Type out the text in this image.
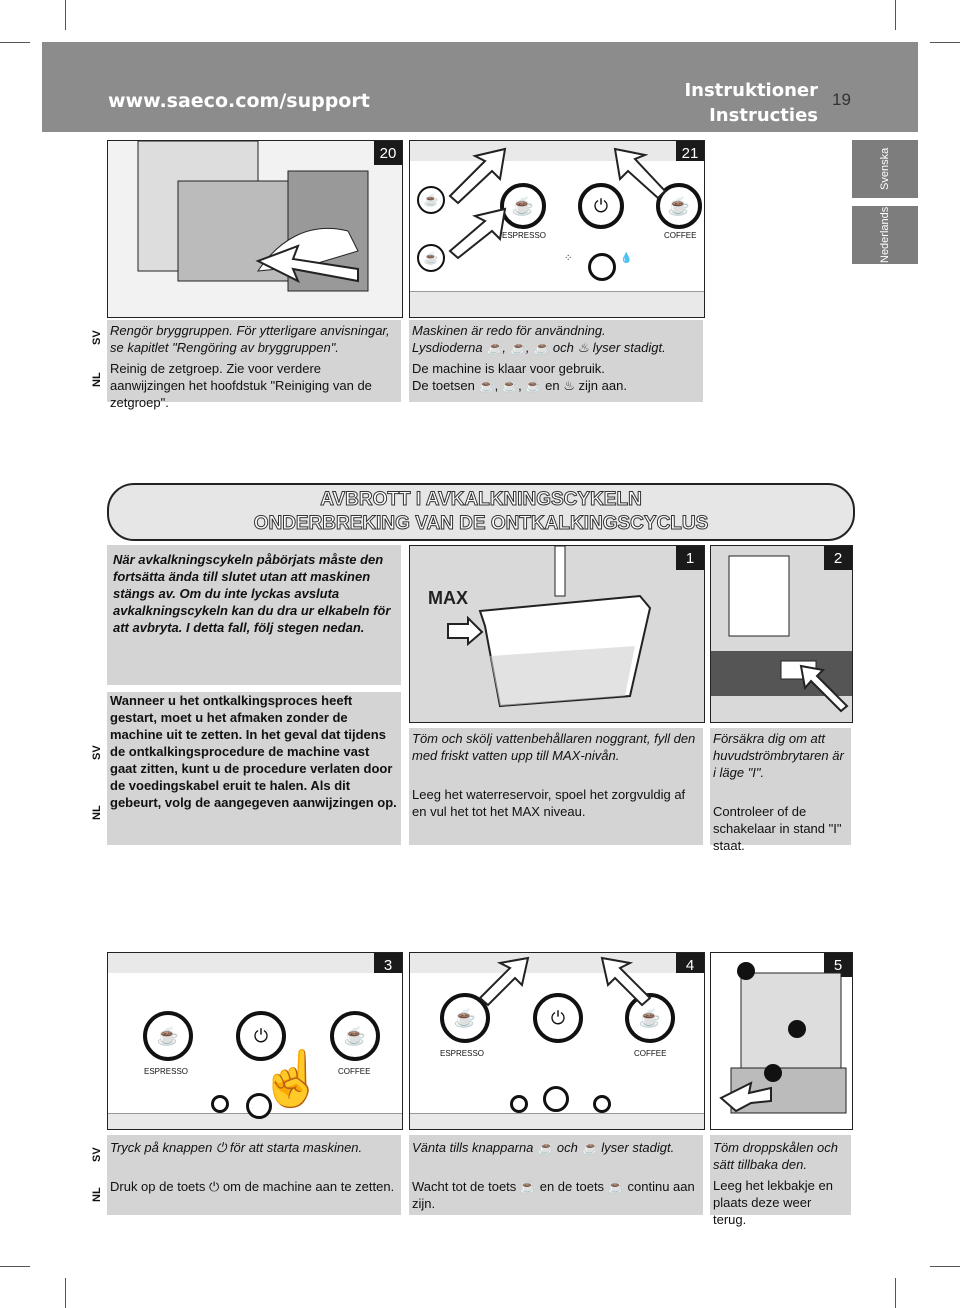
www.saeco.com/support	Instruktioner
Instructies
19
Svenska
Nederlands
20	21
☕
☕
☕	⏻	☕
ESPRESSO	COFFEE
⁘	💧
SV
NL
Rengör bryggruppen. För ytterligare anvisningar, se kapitlet "Rengöring av bryggruppen".
Reinig de zetgroep. Zie voor verdere aanwijzingen het hoofdstuk "Reiniging van de zetgroep".
Maskinen är redo för användning.
Lysdioderna ☕, ☕, ☕ och ♨ lyser stadigt.
De machine is klaar voor gebruik.
De toetsen ☕, ☕, ☕ en ♨ zijn aan.
AVBROTT I AVKALKNINGSCYKELN
ONDERBREKING VAN DE ONTKALKINGSCYCLUS
När avkalkningscykeln påbörjats måste den fortsätta ända till slutet utan att maskinen stängs av. Om du inte lyckas avsluta avkalkningscykeln kan du dra ur elkabeln för att avbryta. I detta fall, följ stegen nedan.
SV
NL
Wanneer u het ontkalkingsproces heeft gestart, moet u het afmaken zonder de machine uit te zetten. In het geval dat tijdens de ontkalkingsprocedure de machine vast gaat zitten, kunt u de procedure verlaten door de voedingskabel eruit te halen. Als dit gebeurt, volg de aangegeven aanwijzingen op.
1
MAX
2
Töm och skölj vattenbehållaren noggrant, fyll den med friskt vatten upp till MAX-nivån.
Leeg het waterreservoir, spoel het zorgvuldig af en vul het tot het MAX niveau.
Försäkra dig om att huvudströmbrytaren är i läge "I".
Controleer of de schakelaar in stand "I" staat.
3
☕	⏻	☕
ESPRESSO	COFFEE
☝
4
☕	⏻	☕
ESPRESSO	COFFEE
5
SV
NL
Tryck på knappen ⏻ för att starta maskinen.
Druk op de toets ⏻ om de machine aan te zetten.
Vänta tills knapparna ☕ och ☕ lyser stadigt.
Wacht tot de toets ☕ en de toets ☕ continu aan zijn.
Töm droppskålen och sätt tillbaka den.
Leeg het lekbakje en plaats deze weer terug.
